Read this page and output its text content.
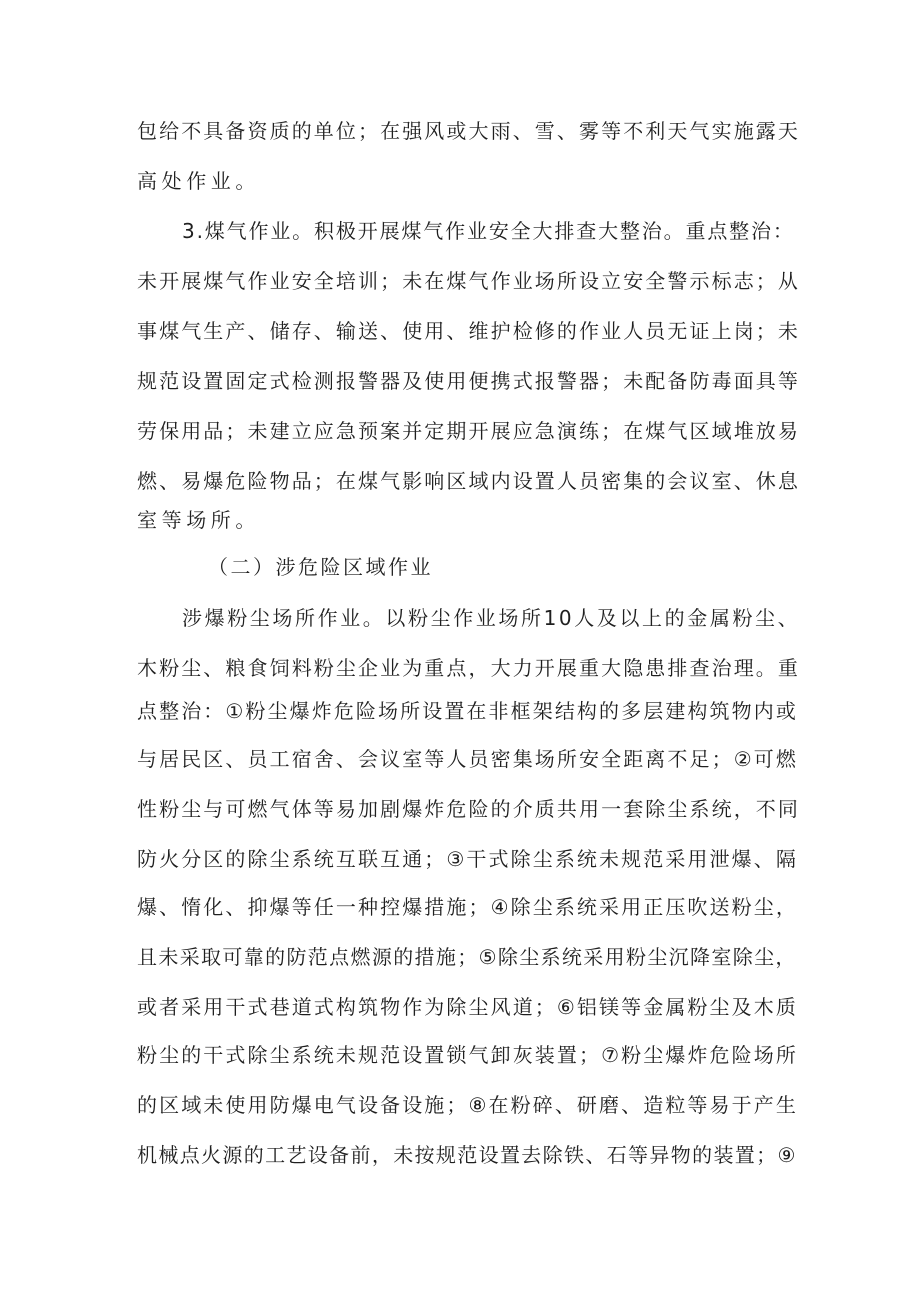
包给不具备资质的单位；在强风或大雨、雪、雾等不利天气实施露天
高处作业。
3.煤气作业。积极开展煤气作业安全大排查大整治。重点整治：
未开展煤气作业安全培训；未在煤气作业场所设立安全警示标志；从
事煤气生产、储存、输送、使用、维护检修的作业人员无证上岗；未
规范设置固定式检测报警器及使用便携式报警器；未配备防毒面具等
劳保用品；未建立应急预案并定期开展应急演练；在煤气区域堆放易
燃、易爆危险物品；在煤气影响区域内设置人员密集的会议室、休息
室等场所。
（二）涉危险区域作业
涉爆粉尘场所作业。以粉尘作业场所10人及以上的金属粉尘、
木粉尘、粮食饲料粉尘企业为重点，大力开展重大隐患排查治理。重
点整治：①粉尘爆炸危险场所设置在非框架结构的多层建构筑物内或
与居民区、员工宿舍、会议室等人员密集场所安全距离不足；②可燃
性粉尘与可燃气体等易加剧爆炸危险的介质共用一套除尘系统，不同
防火分区的除尘系统互联互通；③干式除尘系统未规范采用泄爆、隔
爆、惰化、抑爆等任一种控爆措施；④除尘系统采用正压吹送粉尘，
且未采取可靠的防范点燃源的措施；⑤除尘系统采用粉尘沉降室除尘，
或者采用干式巷道式构筑物作为除尘风道；⑥铝镁等金属粉尘及木质
粉尘的干式除尘系统未规范设置锁气卸灰装置；⑦粉尘爆炸危险场所
的区域未使用防爆电气设备设施；⑧在粉碎、研磨、造粒等易于产生
机械点火源的工艺设备前，未按规范设置去除铁、石等异物的装置；⑨
